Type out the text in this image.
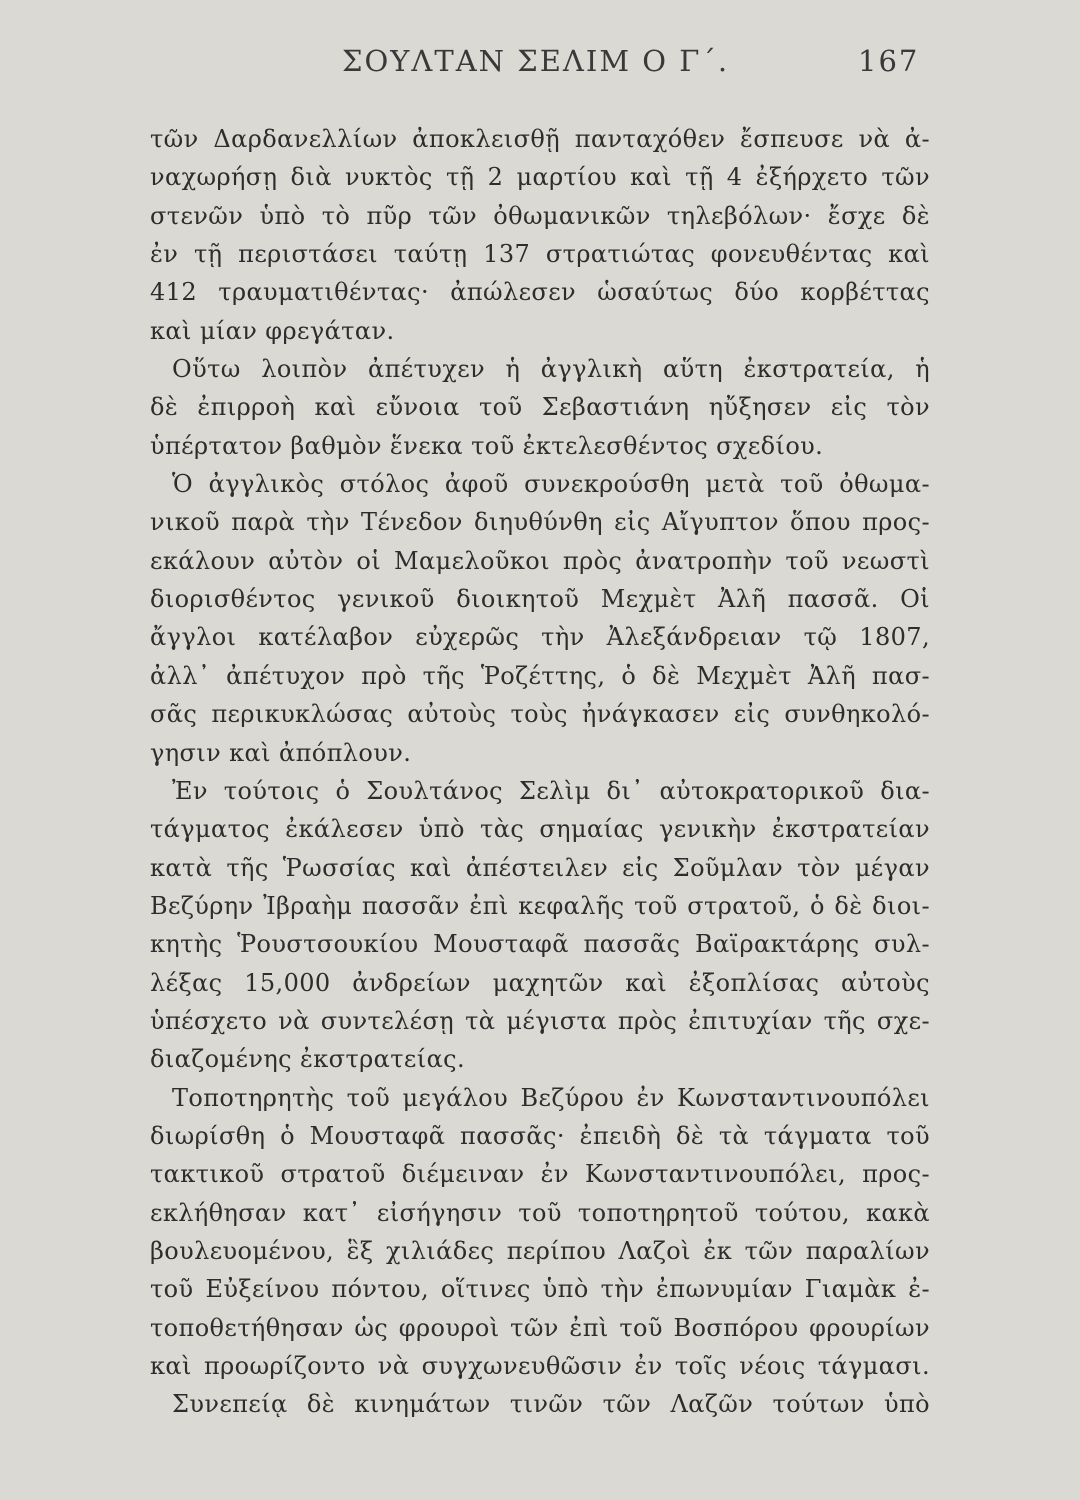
ΣΟΥΛΤΑΝ ΣΕΛΙΜ Ο Γ΄.	167
τῶν Δαρδανελλίων ἀποκλεισθῇ πανταχόθεν ἔσπευσε νὰ ἀ-
ναχωρήσῃ διὰ νυκτὸς τῇ 2 μαρτίου καὶ τῇ 4 ἐξήρχετο τῶν
στενῶν ὑπὸ τὸ πῦρ τῶν ὀθωμανικῶν τηλεβόλων· ἔσχε δὲ
ἐν τῇ περιστάσει ταύτῃ 137 στρατιώτας φονευθέντας καὶ
412 τραυματιθέντας· ἀπώλεσεν ὡσαύτως δύο κορβέττας
καὶ μίαν φρεγάταν.
Οὕτω λοιπὸν ἀπέτυχεν ἡ ἀγγλικὴ αὕτη ἐκστρατεία, ἡ
δὲ ἐπιρροὴ καὶ εὔνοια τοῦ Σεβαστιάνη ηὔξησεν εἰς τὸν
ὑπέρτατον βαθμὸν ἕνεκα τοῦ ἐκτελεσθέντος σχεδίου.
Ὁ ἀγγλικὸς στόλος ἀφοῦ συνεκρούσθη μετὰ τοῦ ὀθωμα-
νικοῦ παρὰ τὴν Τένεδον διηυθύνθη εἰς Αἴγυπτον ὅπου προς-
εκάλουν αὐτὸν οἱ Μαμελοῦκοι πρὸς ἀνατροπὴν τοῦ νεωστὶ
διορισθέντος γενικοῦ διοικητοῦ Μεχμὲτ Ἀλῆ πασσᾶ. Οἱ
ἄγγλοι κατέλαβον εὐχερῶς τὴν Ἀλεξάνδρειαν τῷ 1807,
ἀλλ᾽ ἀπέτυχον πρὸ τῆς Ῥοζέττης, ὁ δὲ Μεχμὲτ Ἀλῆ πασ-
σᾶς περικυκλώσας αὐτοὺς τοὺς ἠνάγκασεν εἰς συνθηκολό-
γησιν καὶ ἀπόπλουν.
Ἐν τούτοις ὁ Σουλτάνος Σελὶμ δι᾽ αὐτοκρατορικοῦ δια-
τάγματος ἐκάλεσεν ὑπὸ τὰς σημαίας γενικὴν ἐκστρατείαν
κατὰ τῆς Ῥωσσίας καὶ ἀπέστειλεν εἰς Σοῦμλαν τὸν μέγαν
Βεζύρην Ἰβραὴμ πασσᾶν ἐπὶ κεφαλῆς τοῦ στρατοῦ, ὁ δὲ διοι-
κητὴς Ῥουστσουκίου Μουσταφᾶ πασσᾶς Βαϊρακτάρης συλ-
λέξας 15,000 ἀνδρείων μαχητῶν καὶ ἐξοπλίσας αὐτοὺς
ὑπέσχετο νὰ συντελέσῃ τὰ μέγιστα πρὸς ἐπιτυχίαν τῆς σχε-
διαζομένης ἐκστρατείας.
Τοποτηρητὴς τοῦ μεγάλου Βεζύρου ἐν Κωνσταντινουπόλει
διωρίσθη ὁ Μουσταφᾶ πασσᾶς· ἐπειδὴ δὲ τὰ τάγματα τοῦ
τακτικοῦ στρατοῦ διέμειναν ἐν Κωνσταντινουπόλει, προς-
εκλήθησαν κατ᾽ εἰσήγησιν τοῦ τοποτηρητοῦ τούτου, κακὰ
βουλευομένου, ἓξ χιλιάδες περίπου Λαζοὶ ἐκ τῶν παραλίων
τοῦ Εὐξείνου πόντου, οἵτινες ὑπὸ τὴν ἐπωνυμίαν Γιαμὰκ ἐ-
τοποθετήθησαν ὡς φρουροὶ τῶν ἐπὶ τοῦ Βοσπόρου φρουρίων
καὶ προωρίζοντο νὰ συγχωνευθῶσιν ἐν τοῖς νέοις τάγμασι.
Συνεπείᾳ δὲ κινημάτων τινῶν τῶν Λαζῶν τούτων ὑπὸ
